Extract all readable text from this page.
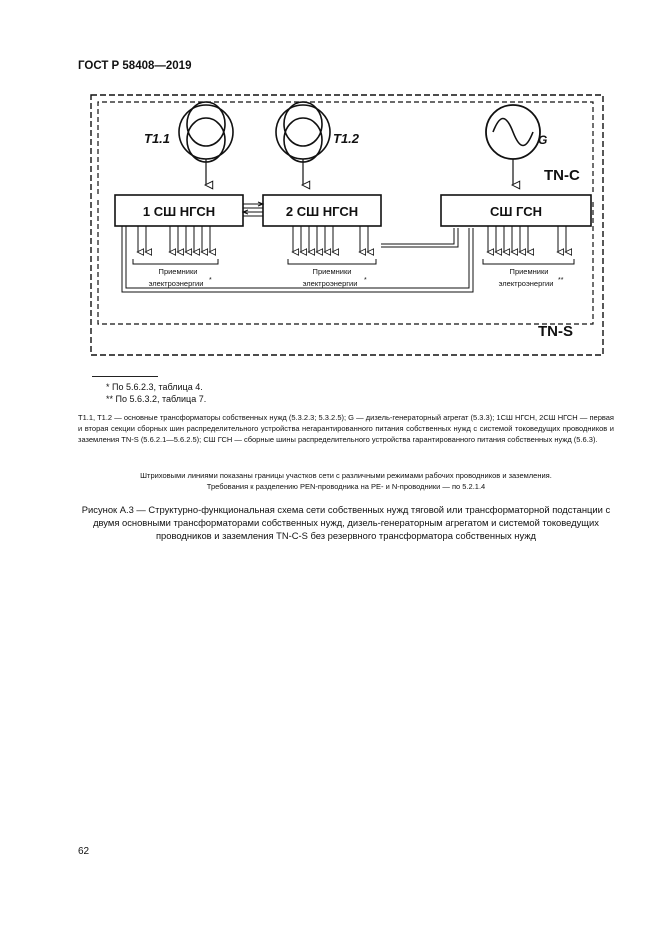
ГОСТ Р 58408—2019
T1.1	T1.2	G
TN-C
TN-S
1 СШ НГСН	2 СШ НГСН	СШ ГСН
Приемники
электроэнергии *
Приемники
электроэнергии *
Приемники
электроэнергии **
* По 5.6.2.3, таблица 4.
** По 5.6.3.2, таблица 7.
T1.1, T1.2 — основные трансформаторы собственных нужд (5.3.2.3; 5.3.2.5); G — дизель-генераторный агрегат (5.3.3); 1СШ НГСН, 2СШ НГСН — первая и вторая секции сборных шин распределительного устройства негарантированного питания собственных нужд с системой токоведущих проводников и заземления TN-S (5.6.2.1—5.6.2.5); СШ ГСН — сборные шины распределительного устройства гарантированного питания собственных нужд (5.6.3).
Штриховыми линиями показаны границы участков сети с различными режимами рабочих проводников и заземления.
Требования к разделению PEN-проводника на PE- и N-проводники — по 5.2.1.4
Рисунок А.3 — Структурно-функциональная схема сети собственных нужд тяговой или трансформаторной подстанции с двумя основными трансформаторами собственных нужд, дизель-генераторным агрегатом и системой токоведущих проводников и заземления TN-C-S без резервного трансформатора собственных нужд
62
